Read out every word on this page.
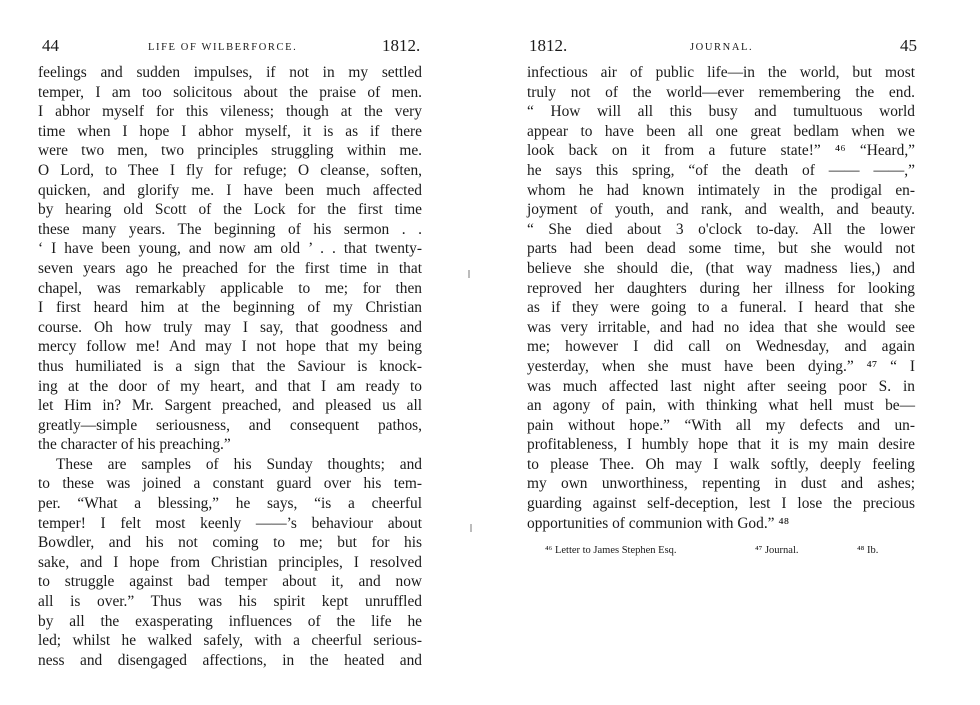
44	LIFE OF WILBERFORCE.	1812.
feelings and sudden impulses, if not in my settled
temper, I am too solicitous about the praise of men.
I abhor myself for this vileness; though at the very
time when I hope I abhor myself, it is as if there
were two men, two principles struggling within me.
O Lord, to Thee I fly for refuge; O cleanse, soften,
quicken, and glorify me. I have been much affected
by hearing old Scott of the Lock for the first time
these many years. The beginning of his sermon . .
‘ I have been young, and now am old ’ . . that twenty-
seven years ago he preached for the first time in that
chapel, was remarkably applicable to me; for then
I first heard him at the beginning of my Christian
course. Oh how truly may I say, that goodness and
mercy follow me! And may I not hope that my being
thus humiliated is a sign that the Saviour is knock-
ing at the door of my heart, and that I am ready to
let Him in? Mr. Sargent preached, and pleased us all
greatly—simple seriousness, and consequent pathos,
the character of his preaching.”
These are samples of his Sunday thoughts; and
to these was joined a constant guard over his tem-
per. “What a blessing,” he says, “is a cheerful
temper! I felt most keenly ——’s behaviour about
Bowdler, and his not coming to me; but for his
sake, and I hope from Christian principles, I resolved
to struggle against bad temper about it, and now
all is over.” Thus was his spirit kept unruffled
by all the exasperating influences of the life he
led; whilst he walked safely, with a cheerful serious-
ness and disengaged affections, in the heated and
1812.	JOURNAL.	45
infectious air of public life—in the world, but most
truly not of the world—ever remembering the end.
“ How will all this busy and tumultuous world
appear to have been all one great bedlam when we
look back on it from a future state!” ⁴⁶ “Heard,”
he says this spring, “of the death of —— ——,”
whom he had known intimately in the prodigal en-
joyment of youth, and rank, and wealth, and beauty.
“ She died about 3 o'clock to-day. All the lower
parts had been dead some time, but she would not
believe she should die, (that way madness lies,) and
reproved her daughters during her illness for looking
as if they were going to a funeral. I heard that she
was very irritable, and had no idea that she would see
me; however I did call on Wednesday, and again
yesterday, when she must have been dying.” ⁴⁷ “ I
was much affected last night after seeing poor S. in
an agony of pain, with thinking what hell must be—
pain without hope.” “With all my defects and un-
profitableness, I humbly hope that it is my main desire
to please Thee. Oh may I walk softly, deeply feeling
my own unworthiness, repenting in dust and ashes;
guarding against self-deception, lest I lose the precious
opportunities of communion with God.” ⁴⁸
⁴⁶ Letter to James Stephen Esq.	⁴⁷ Journal.	⁴⁸ Ib.
